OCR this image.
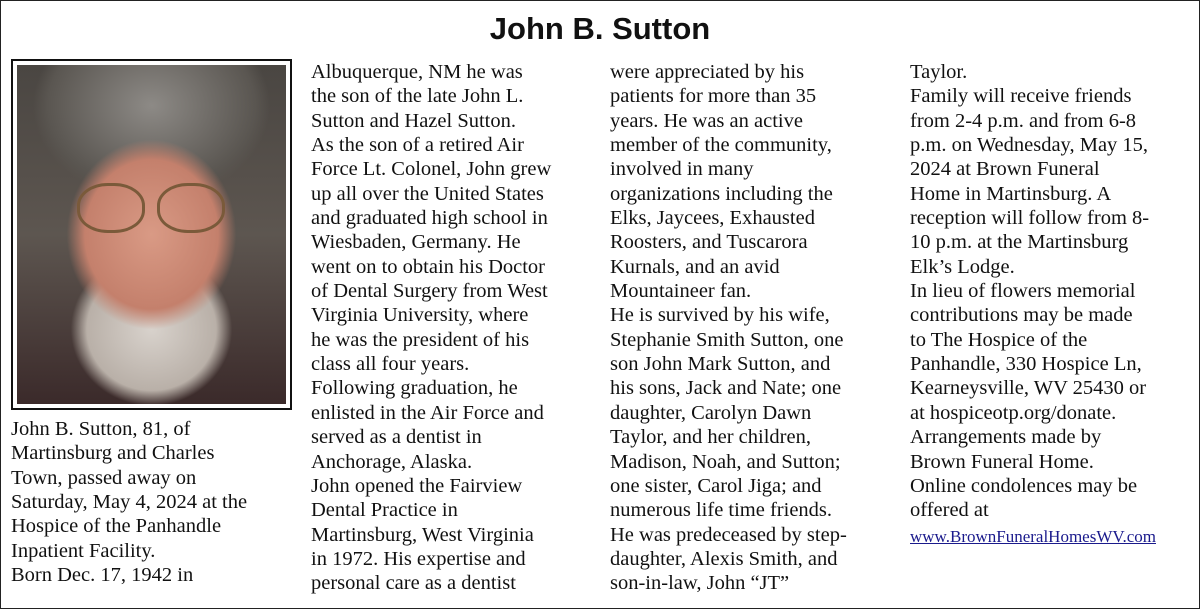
John B. Sutton
John B. Sutton, 81, of
Martinsburg and Charles
Town, passed away on
Saturday, May 4, 2024 at the
Hospice of the Panhandle
Inpatient Facility.
Born Dec. 17, 1942 in
Albuquerque, NM he was
the son of the late John L.
Sutton and Hazel Sutton.
As the son of a retired Air
Force Lt. Colonel, John grew
up all over the United States
and graduated high school in
Wiesbaden, Germany. He
went on to obtain his Doctor
of Dental Surgery from West
Virginia University, where
he was the president of his
class all four years.
Following graduation, he
enlisted in the Air Force and
served as a dentist in
Anchorage, Alaska.
John opened the Fairview
Dental Practice in
Martinsburg, West Virginia
in 1972. His expertise and
personal care as a dentist
were appreciated by his
patients for more than 35
years. He was an active
member of the community,
involved in many
organizations including the
Elks, Jaycees, Exhausted
Roosters, and Tuscarora
Kurnals, and an avid
Mountaineer fan.
He is survived by his wife,
Stephanie Smith Sutton, one
son John Mark Sutton, and
his sons, Jack and Nate; one
daughter, Carolyn Dawn
Taylor, and her children,
Madison, Noah, and Sutton;
one sister, Carol Jiga; and
numerous life time friends.
He was predeceased by step-
daughter, Alexis Smith, and
son-in-law, John “JT”
Taylor.
Family will receive friends
from 2-4 p.m. and from 6-8
p.m. on Wednesday, May 15,
2024 at Brown Funeral
Home in Martinsburg. A
reception will follow from 8-
10 p.m. at the Martinsburg
Elk’s Lodge.
In lieu of flowers memorial
contributions may be made
to The Hospice of the
Panhandle, 330 Hospice Ln,
Kearneysville, WV 25430 or
at hospiceotp.org/donate.
Arrangements made by
Brown Funeral Home.
Online condolences may be
offered at
www.BrownFuneralHomesWV.com
